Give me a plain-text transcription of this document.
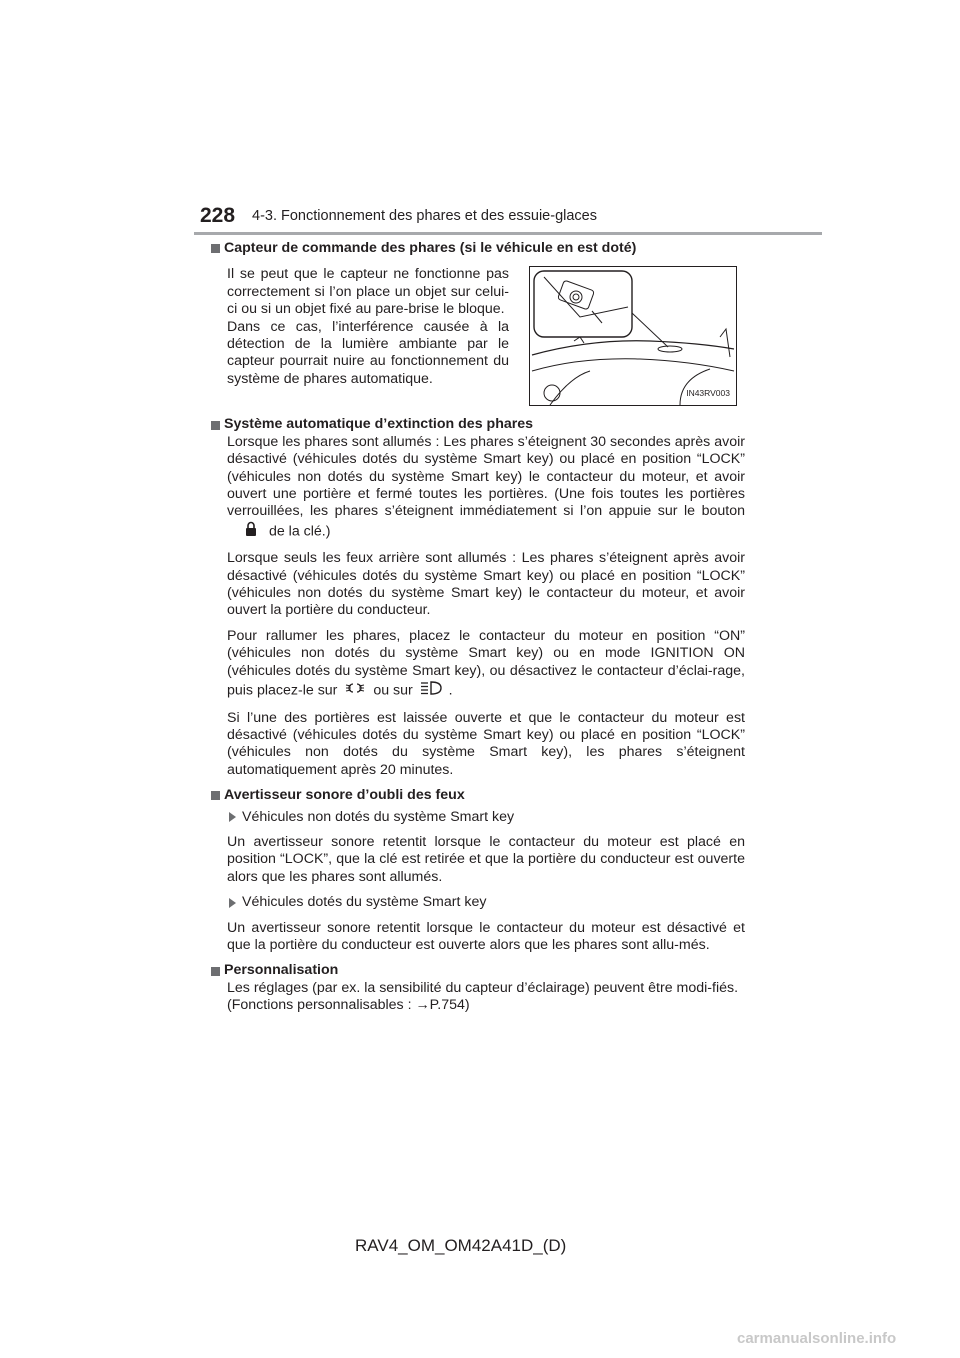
228 4-3. Fonctionnement des phares et des essuie-glaces
Capteur de commande des phares (si le véhicule en est doté)
Il se peut que le capteur ne fonctionne pas correctement si l’on place un objet sur celui-ci ou si un objet fixé au pare-brise le bloque.
Dans ce cas, l’interférence causée à la détection de la lumière ambiante par le capteur pourrait nuire au fonctionnement du système de phares automatique.
IN43RV003
Système automatique d’extinction des phares

Lorsque les phares sont allumés : Les phares s’éteignent 30 secondes après avoir désactivé (véhicules dotés du système Smart key) ou placé en position “LOCK” (véhicules non dotés du système Smart key) le contacteur du moteur, et avoir ouvert une portière et fermé toutes les portières. (Une fois toutes les portières verrouillées, les phares s’éteignent immédiatement si l’on appuie sur le bouton  de la clé.)

Lorsque seuls les feux arrière sont allumés : Les phares s’éteignent après avoir désactivé (véhicules dotés du système Smart key) ou placé en position “LOCK” (véhicules non dotés du système Smart key) le contacteur du moteur, et avoir ouvert la portière du conducteur.

Pour rallumer les phares, placez le contacteur du moteur en position “ON” (véhicules non dotés du système Smart key) ou en mode IGNITION ON (véhicules dotés du système Smart key), ou désactivez le contacteur d’éclai-rage, puis placez-le sur	ou sur	.

Si l’une des portières est laissée ouverte et que le contacteur du moteur est désactivé (véhicules dotés du système Smart key) ou placé en position “LOCK” (véhicules non dotés du système Smart key), les phares s’éteignent automatiquement après 20 minutes.

Avertisseur sonore d’oubli des feux
Véhicules non dotés du système Smart key

Un avertisseur sonore retentit lorsque le contacteur du moteur est placé en position “LOCK”, que la clé est retirée et que la portière du conducteur est ouverte alors que les phares sont allumés.

Véhicules dotés du système Smart key

Un avertisseur sonore retentit lorsque le contacteur du moteur est désactivé et que la portière du conducteur est ouverte alors que les phares sont allu-més.

Personnalisation

Les réglages (par ex. la sensibilité du capteur d’éclairage) peuvent être modi-fiés.

(Fonctions personnalisables : →P.754)

RAV4_OM_OM42A41D_(D)
carmanualsonline.info
